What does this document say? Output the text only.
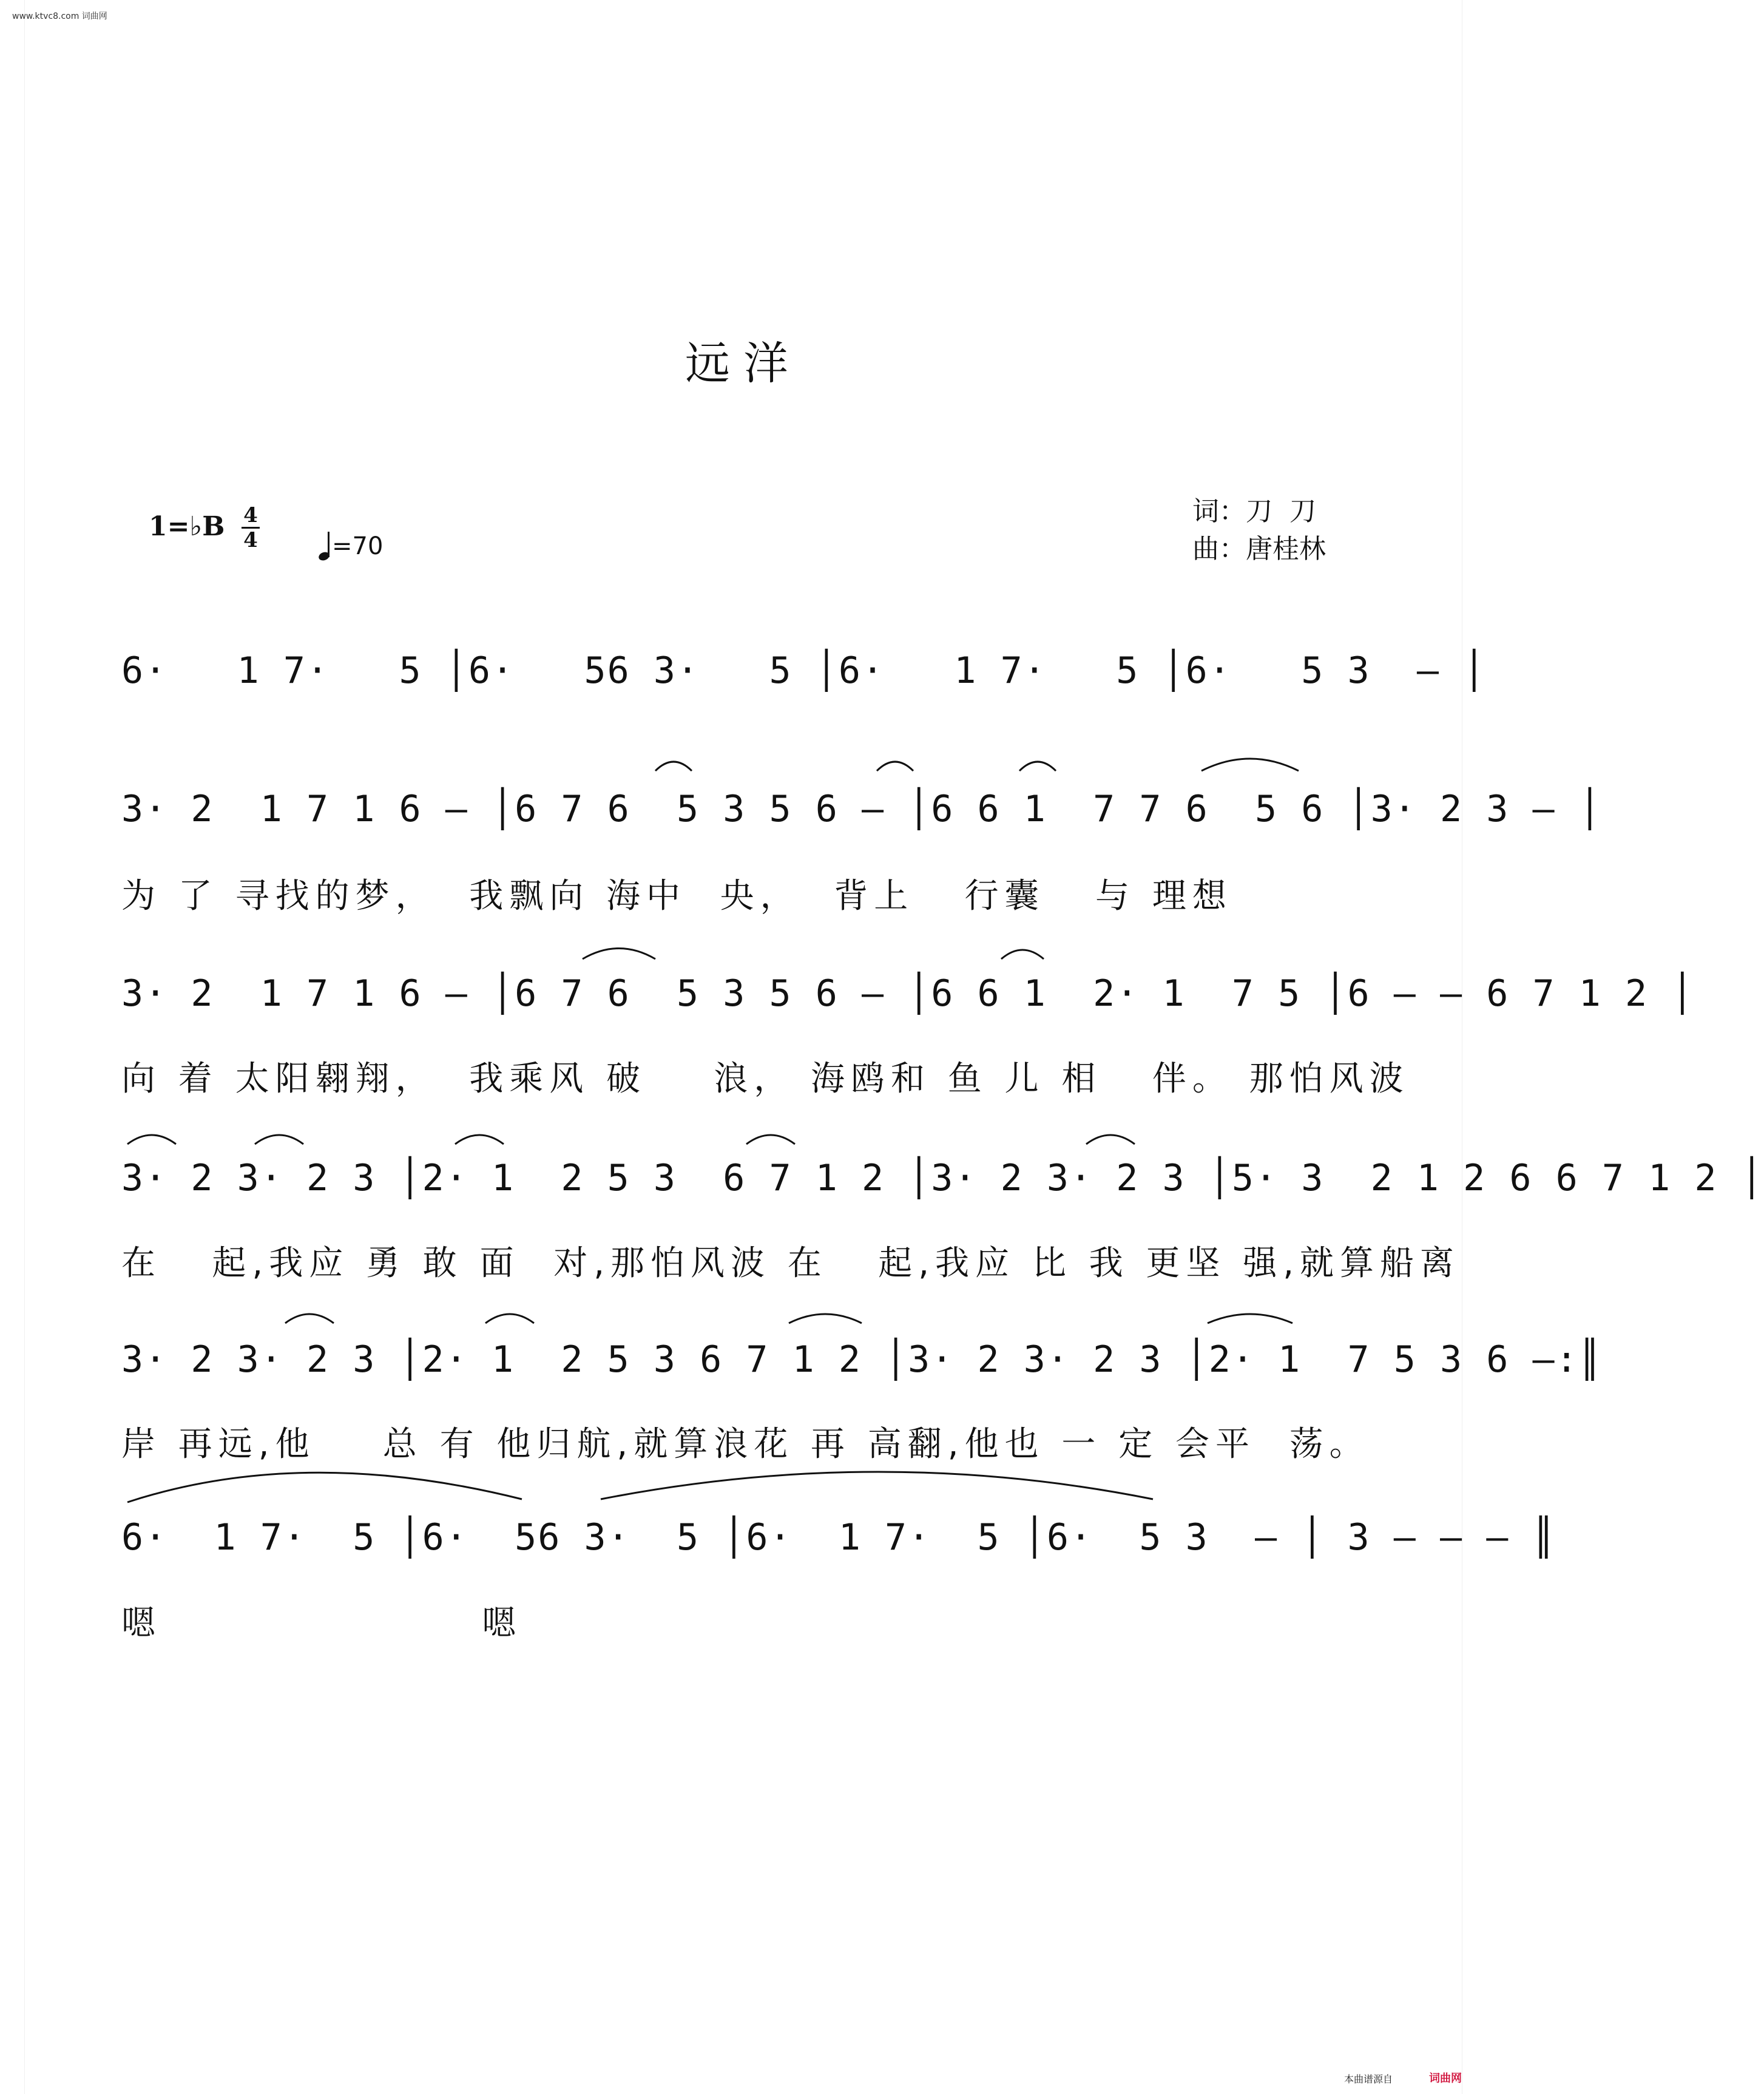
www.ktvc8.com 词曲网
远洋
1=♭B 4
4	=70
词：刀  刀
曲：唐桂林
6·   1 7·   5 │6·   56 3·   5 │6·   1 7·   5 │6·   5 3  – │
3· 2  1 7 1 6 – │6 7 6  5 3 5 6 – │6 6 1  7 7 6  5 6 │3· 2 3 – │
为 了 寻找的梦，  我飘向 海中  央，  背上   行囊   与 理想
3· 2  1 7 1 6 – │6 7 6  5 3 5 6 – │6 6 1  2· 1  7 5 │6 – – 6 7 1 2 │
向 着 太阳翱翔，  我乘风 破    浪， 海鸥和 鱼 儿 相   伴。 那怕风波
3· 2 3· 2 3 │2· 1  2 5 3  6 7 1 2 │3· 2 3· 2 3 │5· 3  2 1 2 6 6 7 1 2 │
在   起,我应 勇 敢 面  对,那怕风波 在   起,我应 比 我 更坚 强,就算船离
3· 2 3· 2 3 │2· 1  2 5 3 6 7 1 2 │3· 2 3· 2 3 │2· 1  7 5 3 6 –:║
岸 再远,他    总 有 他归航,就算浪花 再 高翻,他也 一 定 会平  荡。
6·  1 7·  5 │6·  56 3·  5 │6·  1 7·  5 │6·  5 3  – │ 3 – – – ║
嗯                   嗯
本曲谱源自	词曲网
